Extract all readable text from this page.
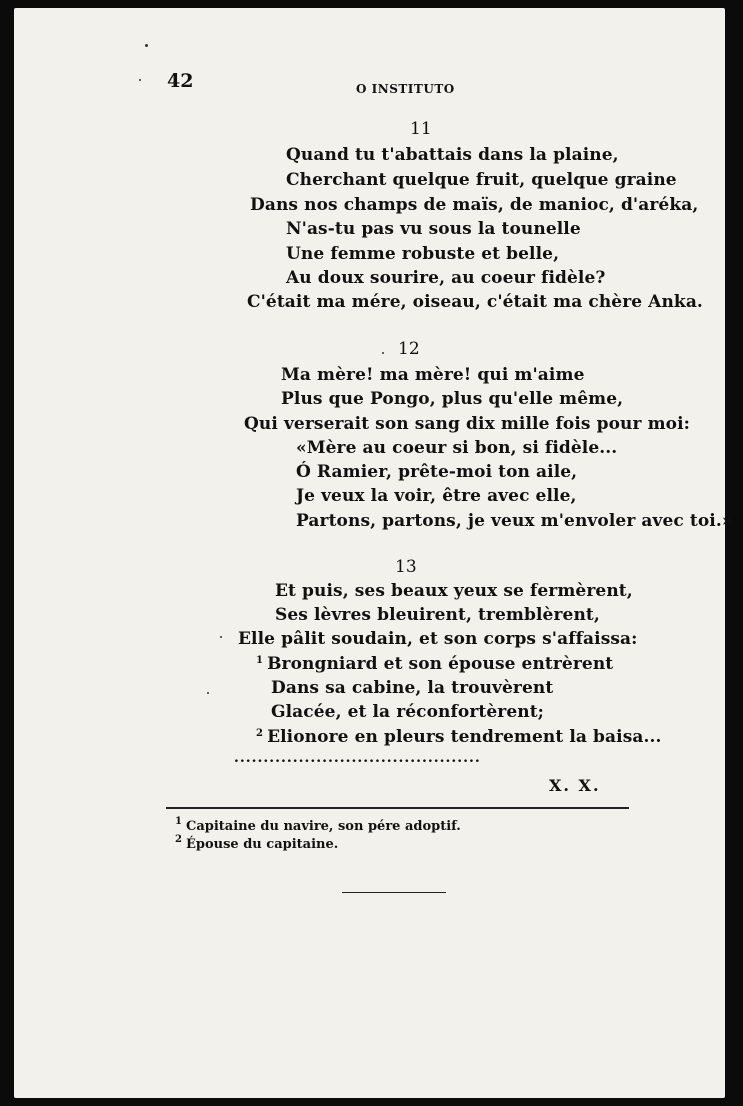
42	O INSTITUTO
11
Quand tu t'abattais dans la plaine,
Cherchant quelque fruit, quelque graine
Dans nos champs de maïs, de manioc, d'aréka,
N'as-tu pas vu sous la tounelle
Une femme robuste et belle,
Au doux sourire, au coeur fidèle?
C'était ma mére, oiseau, c'était ma chère Anka.
12
Ma mère! ma mère! qui m'aime
Plus que Pongo, plus qu'elle même,
Qui verserait son sang dix mille fois pour moi:
«Mère au coeur si bon, si fidèle...
Ó Ramier, prête-moi ton aile,
Je veux la voir, être avec elle,
Partons, partons, je veux m'envoler avec toi.»
13
Et puis, ses beaux yeux se fermèrent,
Ses lèvres bleuirent, tremblèrent,
Elle pâlit soudain, et son corps s'affaissa:
$^1$ Brongniard et son épouse entrèrent
Dans sa cabine, la trouvèrent
Glacée, et la réconfortèrent;
$^2$ Elionore en pleurs tendrement la baisa...
..........................................
X. X.
$^1$ Capitaine du navire, son pére adoptif.
$^2$ Épouse du capitaine.
